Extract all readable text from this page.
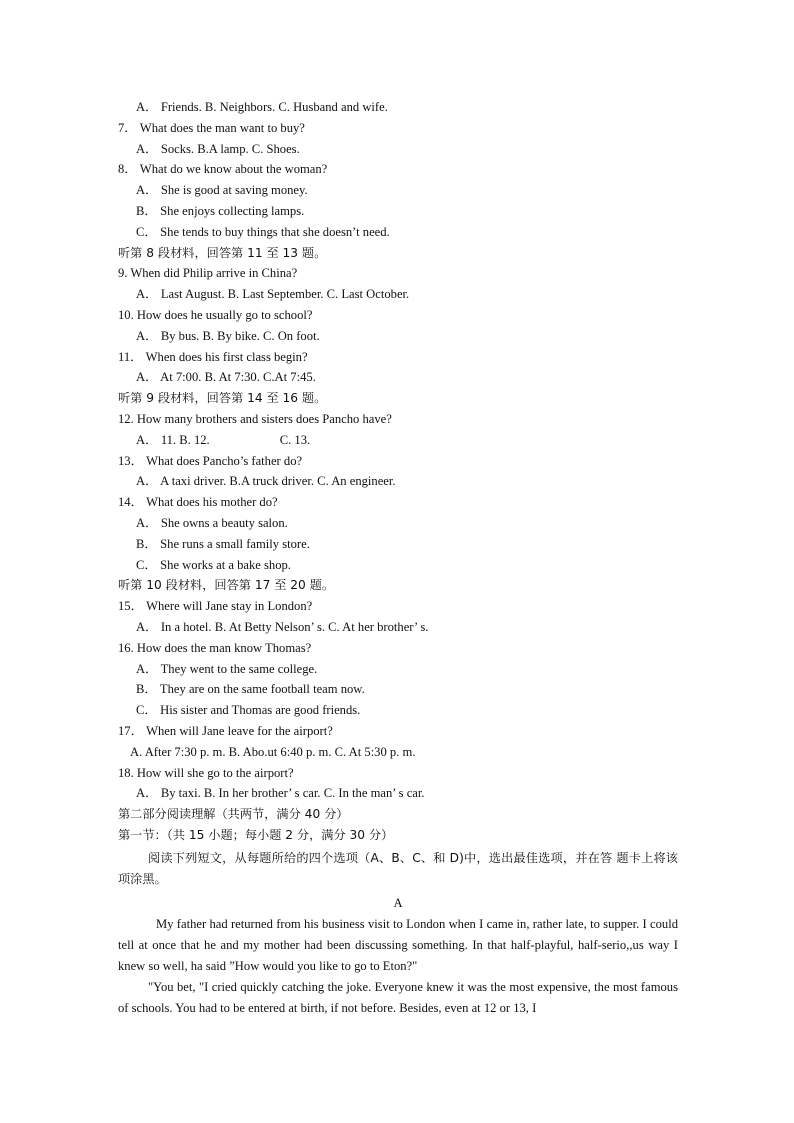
A． Friends. B. Neighbors. C. Husband and wife.
7． What does the man want to buy?
A． Socks. B.A lamp. C. Shoes.
8． What do we know about the woman?
A． She is good at saving money.
B． She enjoys collecting lamps.
C． She tends to buy things that she doesn’t need.
听第 8 段材料，回答第 11 至 13 题。
9. When did Philip arrive in China?
A． Last August. B. Last September. C. Last October.
10. How does he usually go to school?
A． By bus. B. By bike. C. On foot.
11． When does his first class begin?
A． At 7:00. B. At 7:30. C.At 7:45.
听第 9 段材料，回答第 14 至 16 题。
12. How many brothers and sisters does Pancho have?
A． 11. B. 12.	C. 13.
13． What does Pancho’s father do?
A． A taxi driver. B.A truck driver. C. An engineer.
14． What does his mother do?
A． She owns a beauty salon.
B． She runs a small family store.
C． She works at a bake shop.
听第 10 段材料，回答第 17 至 20 题。
15． Where will Jane stay in London?
A． In a hotel. B. At Betty Nelson’ s. C. At her brother’ s.
16. How does the man know Thomas?
A． They went to the same college.
B． They are on the same football team now.
C． His sister and Thomas are good friends.
17． When will Jane leave for the airport?
A. After 7:30 p. m. B. Abo.ut 6:40 p. m. C. At 5:30 p. m.
18. How will she go to the airport?
A． By taxi. B. In her brother’ s car. C. In the man’ s car.
第二部分阅读理解（共两节，满分 40 分）
第一节：（共 15 小题；每小题 2 分，满分 30 分）

阅读下列短文，从每题所给的四个选项（A、B、C、和 D)中，选出最佳选项，并在答 题卡上将该项涂黑。

A

My father had returned from his business visit to London when I came in, rather late, to supper. I could tell at once that he and my mother had been discussing something. In that half-playful, half-serio,,us way I knew so well, ha said ”How would you like to go to Eton?"

"You bet, "I cried quickly catching the joke. Everyone knew it was the most expensive, the most famous of schools. You had to be entered at birth, if not before. Besides, even at 12 or 13, I
